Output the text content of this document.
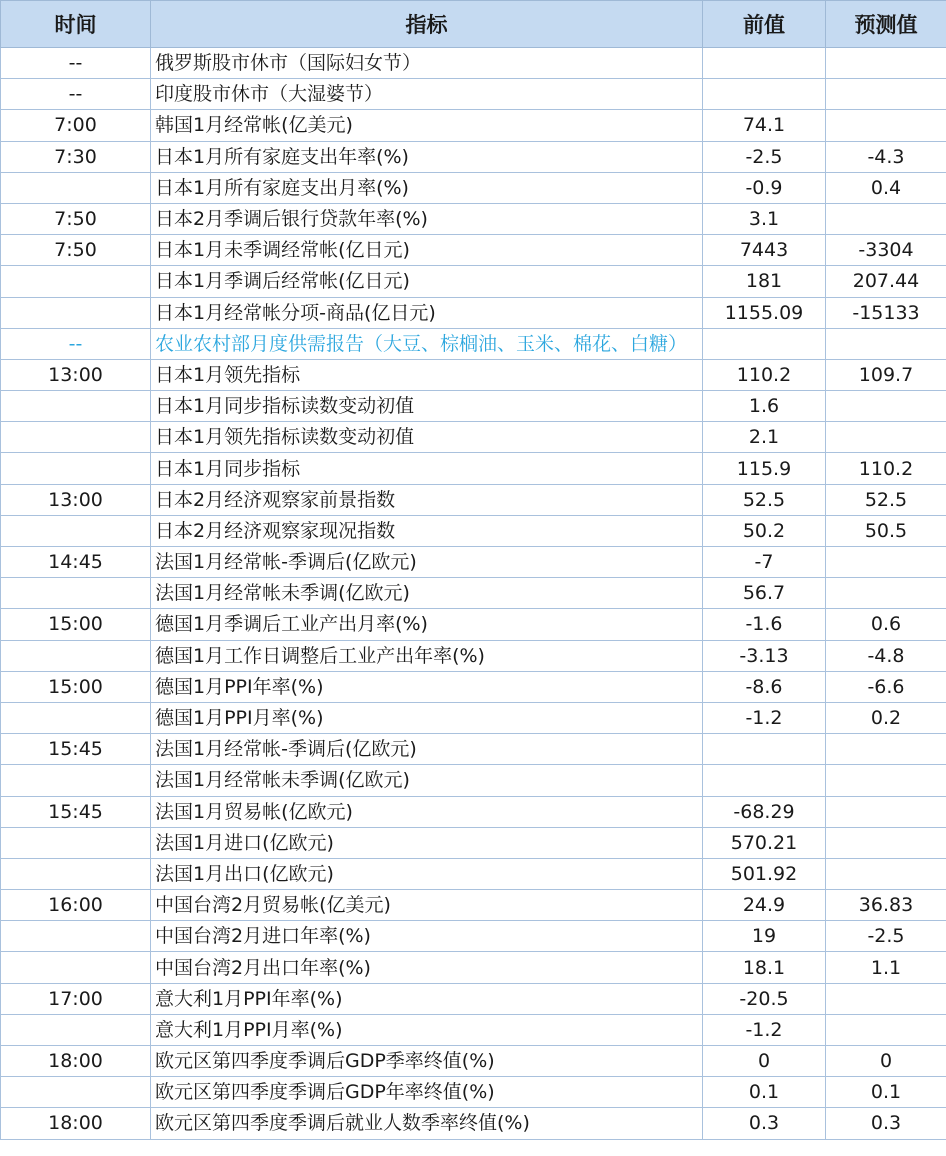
时间	指标	前值	预测值
--	俄罗斯股市休市（国际妇女节）		
--	印度股市休市（大湿婆节）		
7:00	韩国1月经常帐(亿美元)	74.1	
7:30	日本1月所有家庭支出年率(%)	-2.5	-4.3
	日本1月所有家庭支出月率(%)	-0.9	0.4
7:50	日本2月季调后银行贷款年率(%)	3.1	
7:50	日本1月未季调经常帐(亿日元)	7443	-3304
	日本1月季调后经常帐(亿日元)	181	207.44
	日本1月经常帐分项-商品(亿日元)	1155.09	-15133
--	农业农村部月度供需报告（大豆、棕榈油、玉米、棉花、白糖）		
13:00	日本1月领先指标	110.2	109.7
	日本1月同步指标读数变动初值	1.6	
	日本1月领先指标读数变动初值	2.1	
	日本1月同步指标	115.9	110.2
13:00	日本2月经济观察家前景指数	52.5	52.5
	日本2月经济观察家现况指数	50.2	50.5
14:45	法国1月经常帐-季调后(亿欧元)	-7	
	法国1月经常帐未季调(亿欧元)	56.7	
15:00	德国1月季调后工业产出月率(%)	-1.6	0.6
	德国1月工作日调整后工业产出年率(%)	-3.13	-4.8
15:00	德国1月PPI年率(%)	-8.6	-6.6
	德国1月PPI月率(%)	-1.2	0.2
15:45	法国1月经常帐-季调后(亿欧元)		
	法国1月经常帐未季调(亿欧元)		
15:45	法国1月贸易帐(亿欧元)	-68.29	
	法国1月进口(亿欧元)	570.21	
	法国1月出口(亿欧元)	501.92	
16:00	中国台湾2月贸易帐(亿美元)	24.9	36.83
	中国台湾2月进口年率(%)	19	-2.5
	中国台湾2月出口年率(%)	18.1	1.1
17:00	意大利1月PPI年率(%)	-20.5	
	意大利1月PPI月率(%)	-1.2	
18:00	欧元区第四季度季调后GDP季率终值(%)	0	0
	欧元区第四季度季调后GDP年率终值(%)	0.1	0.1
18:00	欧元区第四季度季调后就业人数季率终值(%)	0.3	0.3
